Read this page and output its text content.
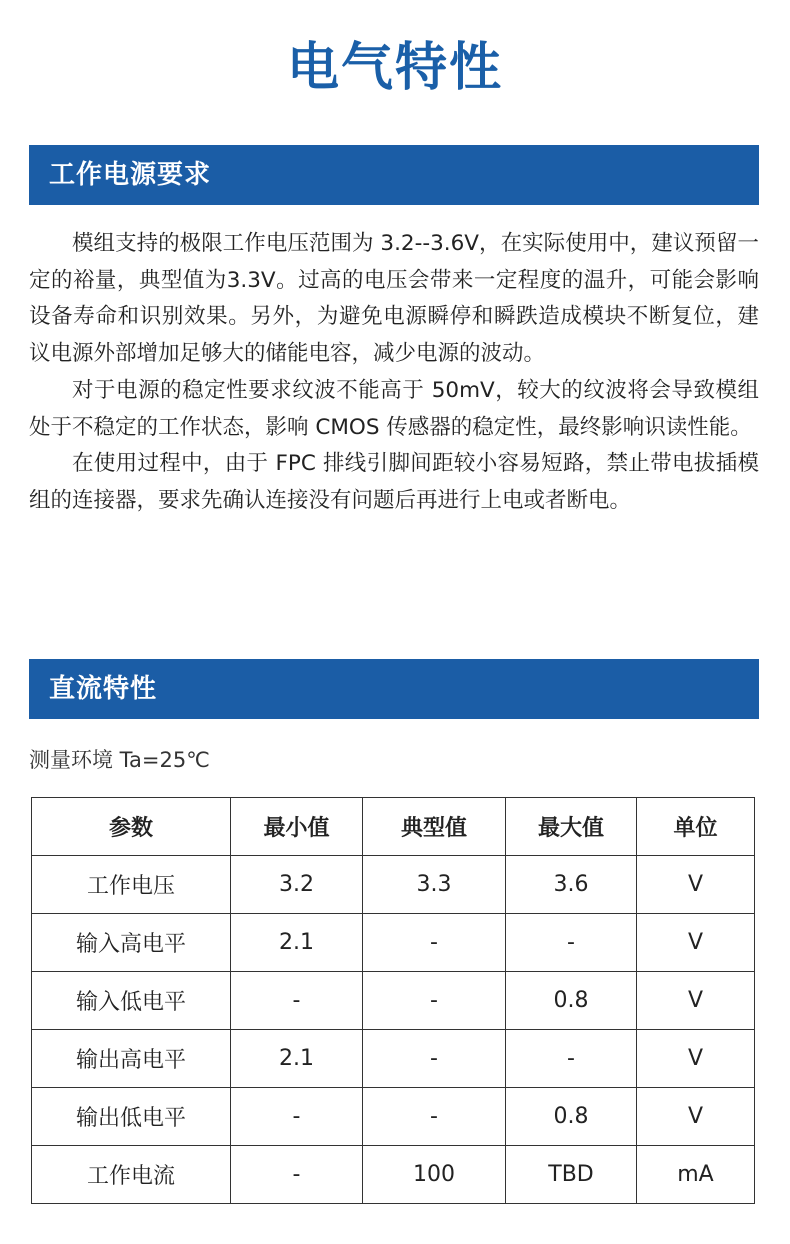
电气特性
工作电源要求

模组支持的极限工作电压范围为 3.2--3.6V，在实际使用中，建议预留一定的裕量，典型值为3.3V。过高的电压会带来一定程度的温升，可能会影响设备寿命和识别效果。另外，为避免电源瞬停和瞬跌造成模块不断复位，建议电源外部增加足够大的储能电容，减少电源的波动。

对于电源的稳定性要求纹波不能高于 50mV，较大的纹波将会导致模组处于不稳定的工作状态，影响 CMOS 传感器的稳定性，最终影响识读性能。

在使用过程中，由于 FPC 排线引脚间距较小容易短路，禁止带电拔插模组的连接器，要求先确认连接没有问题后再进行上电或者断电。

直流特性
测量环境 Ta=25℃
参数	最小值	典型值	最大值	单位
工作电压	3.2	3.3	3.6	V
输入高电平	2.1	-	-	V
输入低电平	-	-	0.8	V
输出高电平	2.1	-	-	V
输出低电平	-	-	0.8	V
工作电流	-	100	TBD	mA
